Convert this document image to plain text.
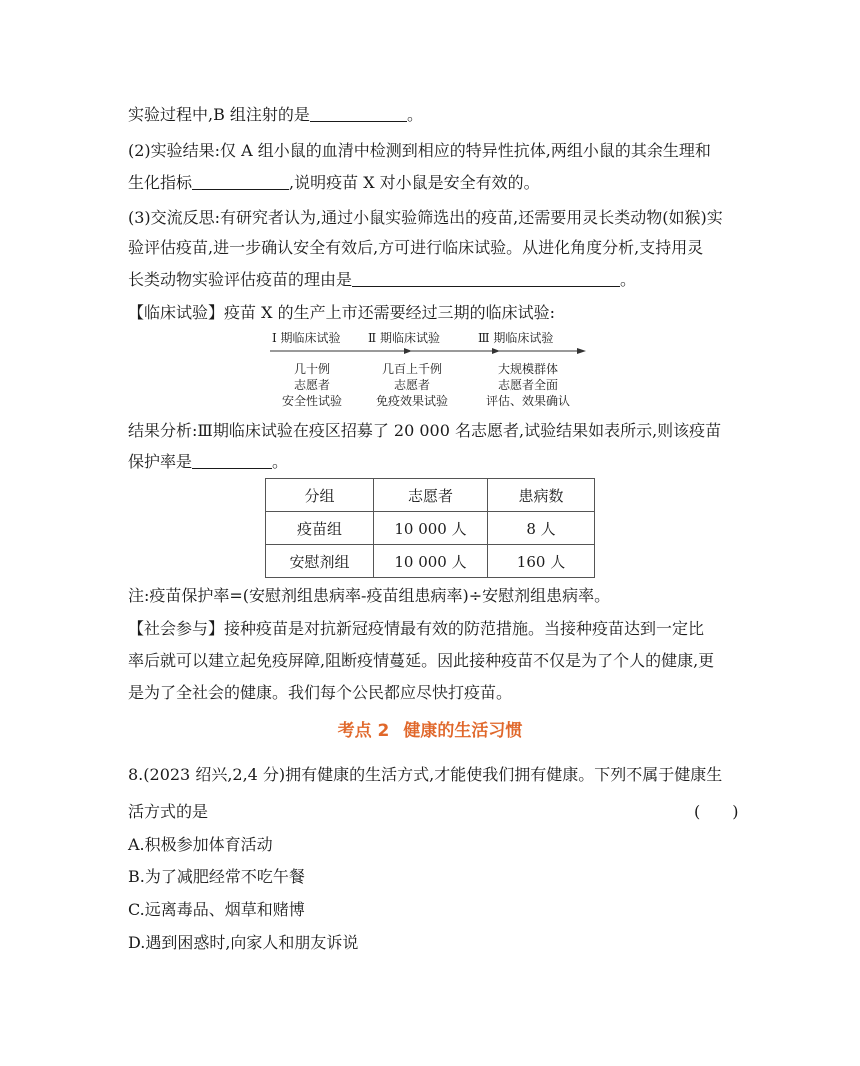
实验过程中,B 组注射的是	。
(2)实验结果:仅 A 组小鼠的血清中检测到相应的特异性抗体,两组小鼠的其余生理和
生化指标	,说明疫苗 X 对小鼠是安全有效的。
(3)交流反思:有研究者认为,通过小鼠实验筛选出的疫苗,还需要用灵长类动物(如猴)实
验评估疫苗,进一步确认安全有效后,方可进行临床试验。从进化角度分析,支持用灵
长类动物实验评估疫苗的理由是	。
【临床试验】疫苗 X 的生产上市还需要经过三期的临床试验:
Ⅰ 期临床试验 Ⅱ 期临床试验	Ⅲ 期临床试验
几十例
志愿者
安全性试验
几百上千例
志愿者
免疫效果试验
大规模群体
志愿者全面
评估、效果确认
结果分析:Ⅲ期临床试验在疫区招募了 20 000 名志愿者,试验结果如表所示,则该疫苗
保护率是	。
分组	志愿者	患病数
疫苗组	10 000 人	8 人
安慰剂组	10 000 人	160 人
注:疫苗保护率=(安慰剂组患病率-疫苗组患病率)÷安慰剂组患病率。
【社会参与】接种疫苗是对抗新冠疫情最有效的防范措施。当接种疫苗达到一定比
率后就可以建立起免疫屏障,阻断疫情蔓延。因此接种疫苗不仅是为了个人的健康,更
是为了全社会的健康。我们每个公民都应尽快打疫苗。
考点 2 健康的生活习惯
8.(2023 绍兴,2,4 分)拥有健康的生活方式,才能使我们拥有健康。下列不属于健康生
活方式的是	(　　)
A.积极参加体育活动
B.为了减肥经常不吃午餐
C.远离毒品、烟草和赌博
D.遇到困惑时,向家人和朋友诉说
